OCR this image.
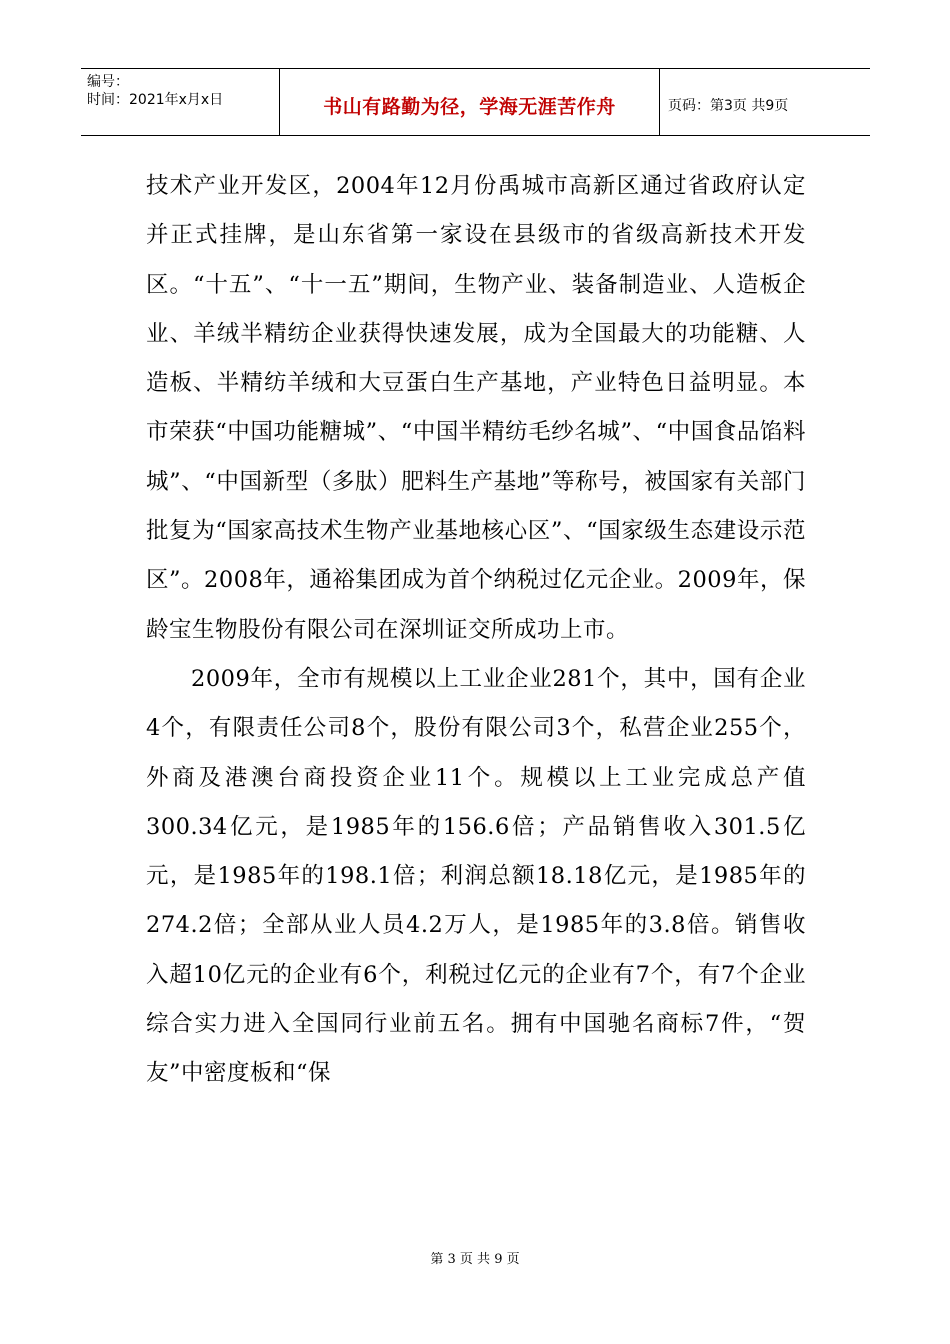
编号：
时间：2021年x月x日	书山有路勤为径，学海无涯苦作舟	页码：第3页 共9页

技术产业开发区，2004年12月份禹城市高新区通过省政府认定并正式挂牌，是山东省第一家设在县级市的省级高新技术开发区。“十五”、“十一五”期间，生物产业、装备制造业、人造板企业、羊绒半精纺企业获得快速发展，成为全国最大的功能糖、人造板、半精纺羊绒和大豆蛋白生产基地，产业特色日益明显。本市荣获“中国功能糖城”、“中国半精纺毛纱名城”、“中国食品馅料城”、“中国新型（多肽）肥料生产基地”等称号，被国家有关部门批复为“国家高技术生物产业基地核心区”、“国家级生态建设示范区”。2008年，通裕集团成为首个纳税过亿元企业。2009年，保龄宝生物股份有限公司在深圳证交所成功上市。

2009年，全市有规模以上工业企业281个，其中，国有企业4个，有限责任公司8个，股份有限公司3个，私营企业255个，外商及港澳台商投资企业11个。规模以上工业完成总产值300.34亿元，是1985年的156.6倍；产品销售收入301.5亿元，是1985年的198.1倍；利润总额18.18亿元，是1985年的274.2倍；全部从业人员4.2万人，是1985年的3.8倍。销售收入超10亿元的企业有6个，利税过亿元的企业有7个，有7个企业综合实力进入全国同行业前五名。拥有中国驰名商标7件，“贺友”中密度板和“保

第 3 页 共 9 页
